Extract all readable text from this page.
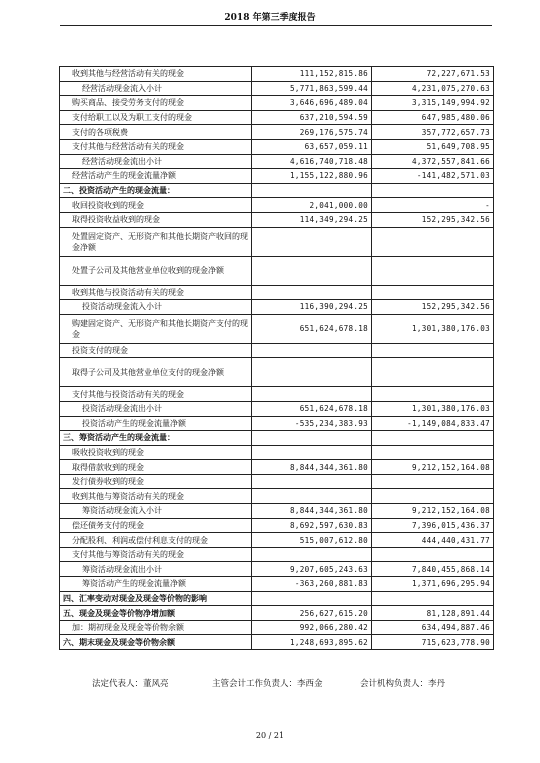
2018 年第三季度报告
收到其他与经营活动有关的现金	111,152,815.86	72,227,671.53
经营活动现金流入小计	5,771,863,599.44	4,231,075,270.63
购买商品、接受劳务支付的现金	3,646,696,489.04	3,315,149,994.92
支付给职工以及为职工支付的现金	637,210,594.59	647,985,480.06
支付的各项税费	269,176,575.74	357,772,657.73
支付其他与经营活动有关的现金	63,657,059.11	51,649,708.95
经营活动现金流出小计	4,616,740,718.48	4,372,557,841.66
经营活动产生的现金流量净额	1,155,122,880.96	-141,482,571.03
二、投资活动产生的现金流量：		
收回投资收到的现金	2,041,000.00	-
取得投资收益收到的现金	114,349,294.25	152,295,342.56
处置固定资产、无形资产和其他长期资产收回的现金净额		
处置子公司及其他营业单位收到的现金净额		
收到其他与投资活动有关的现金		
投资活动现金流入小计	116,390,294.25	152,295,342.56
购建固定资产、无形资产和其他长期资产支付的现金	651,624,678.18	1,301,380,176.03
投资支付的现金		
取得子公司及其他营业单位支付的现金净额		
支付其他与投资活动有关的现金		
投资活动现金流出小计	651,624,678.18	1,301,380,176.03
投资活动产生的现金流量净额	-535,234,383.93	-1,149,084,833.47
三、筹资活动产生的现金流量：		
吸收投资收到的现金		
取得借款收到的现金	8,844,344,361.80	9,212,152,164.08
发行债券收到的现金		
收到其他与筹资活动有关的现金		
筹资活动现金流入小计	8,844,344,361.80	9,212,152,164.08
偿还债务支付的现金	8,692,597,630.83	7,396,015,436.37
分配股利、利润或偿付利息支付的现金	515,007,612.80	444,440,431.77
支付其他与筹资活动有关的现金		
筹资活动现金流出小计	9,207,605,243.63	7,840,455,868.14
筹资活动产生的现金流量净额	-363,260,881.83	1,371,696,295.94
四、汇率变动对现金及现金等价物的影响		
五、现金及现金等价物净增加额	256,627,615.20	81,128,891.44
加：期初现金及现金等价物余额	992,066,280.42	634,494,887.46
六、期末现金及现金等价物余额	1,248,693,895.62	715,623,778.90
法定代表人：董风亮	主管会计工作负责人：李西金	会计机构负责人：李丹
20 / 21
